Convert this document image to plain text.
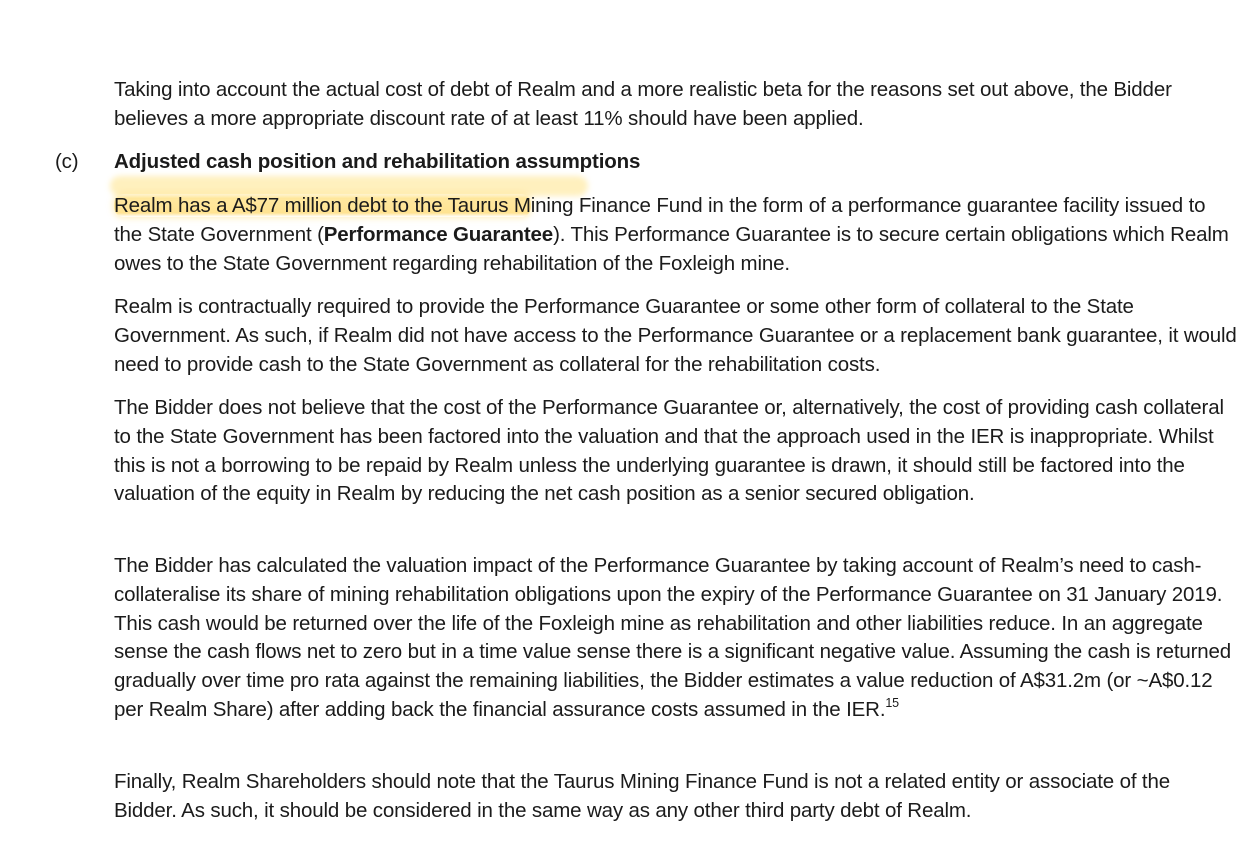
Taking into account the actual cost of debt of Realm and a more realistic beta for the reasons set out above, the Bidder believes a more appropriate discount rate of at least 11% should have been applied.

(c) Adjusted cash position and rehabilitation assumptions

Realm has a A$77 million debt to the Taurus Mining Finance Fund in the form of a performance guarantee facility issued to the State Government (Performance Guarantee). This Performance Guarantee is to secure certain obligations which Realm owes to the State Government regarding rehabilitation of the Foxleigh mine.

Realm is contractually required to provide the Performance Guarantee or some other form of collateral to the State Government. As such, if Realm did not have access to the Performance Guarantee or a replacement bank guarantee, it would need to provide cash to the State Government as collateral for the rehabilitation costs.

The Bidder does not believe that the cost of the Performance Guarantee or, alternatively, the cost of providing cash collateral to the State Government has been factored into the valuation and that the approach used in the IER is inappropriate. Whilst this is not a borrowing to be repaid by Realm unless the underlying guarantee is drawn, it should still be factored into the valuation of the equity in Realm by reducing the net cash position as a senior secured obligation.

The Bidder has calculated the valuation impact of the Performance Guarantee by taking account of Realm’s need to cash-collateralise its share of mining rehabilitation obligations upon the expiry of the Performance Guarantee on 31 January 2019. This cash would be returned over the life of the Foxleigh mine as rehabilitation and other liabilities reduce. In an aggregate sense the cash flows net to zero but in a time value sense there is a significant negative value. Assuming the cash is returned gradually over time pro rata against the remaining liabilities, the Bidder estimates a value reduction of A$31.2m (or ~A$0.12 per Realm Share) after adding back the financial assurance costs assumed in the IER.$^{15}$

Finally, Realm Shareholders should note that the Taurus Mining Finance Fund is not a related entity or associate of the Bidder. As such, it should be considered in the same way as any other third party debt of Realm.
